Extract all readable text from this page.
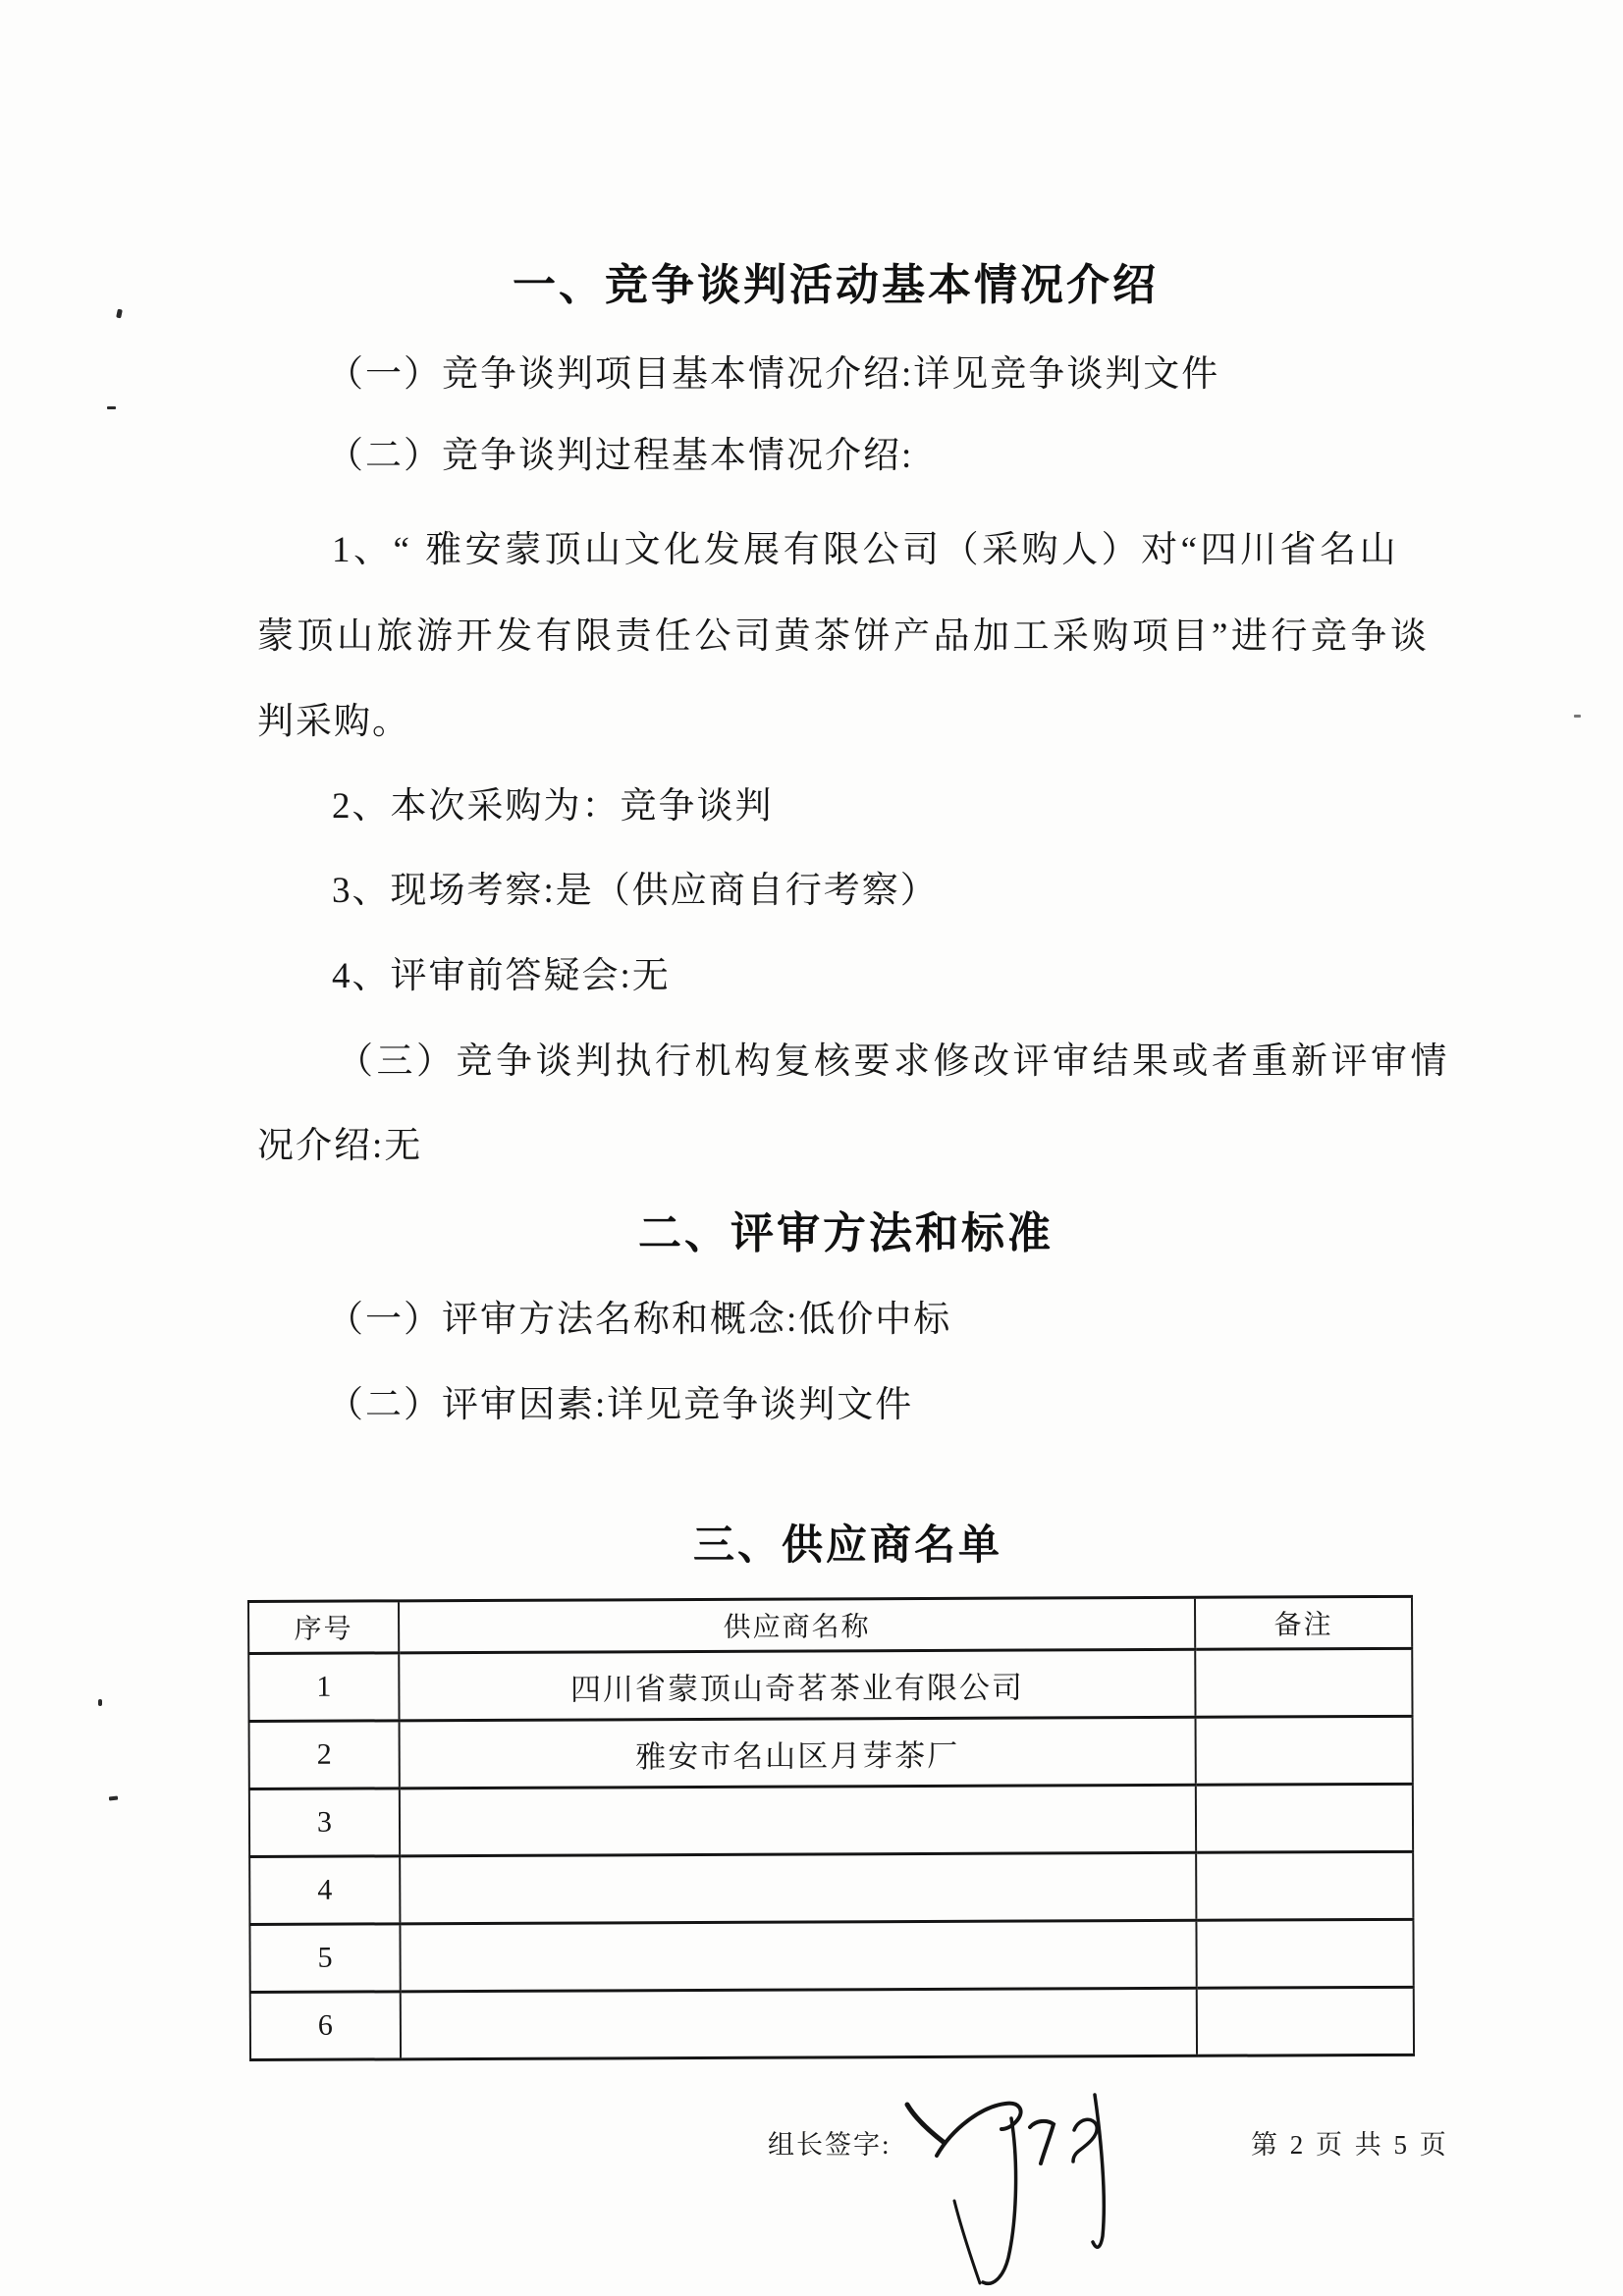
一、竞争谈判活动基本情况介绍
（一）竞争谈判项目基本情况介绍:详见竞争谈判文件
（二）竞争谈判过程基本情况介绍:
1、“ 雅安蒙顶山文化发展有限公司（采购人）对“四川省名山
蒙顶山旅游开发有限责任公司黄茶饼产品加工采购项目”进行竞争谈
判采购。
2、本次采购为：竞争谈判
3、现场考察:是（供应商自行考察）
4、评审前答疑会:无
（三）竞争谈判执行机构复核要求修改评审结果或者重新评审情
况介绍:无
二、评审方法和标准
（一）评审方法名称和概念:低价中标
（二）评审因素:详见竞争谈判文件
三、供应商名单
序号	供应商名称	备注
1	四川省蒙顶山奇茗茶业有限公司	
2	雅安市名山区月芽茶厂	
3		
4		
5		
6		
组长签字:	第 2 页 共 5 页
